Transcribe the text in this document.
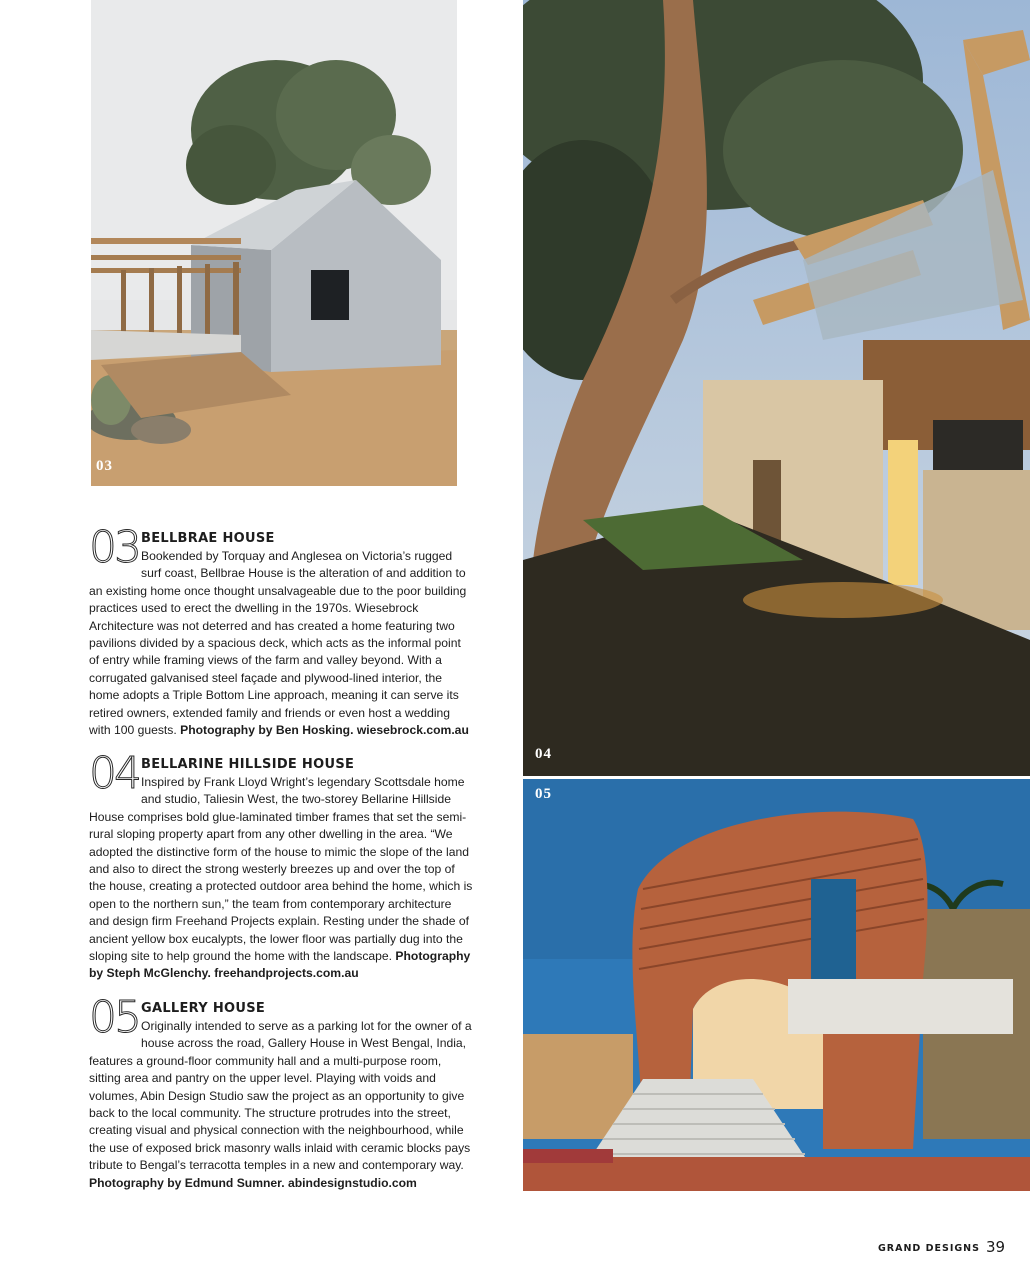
03
04
05
03 BELLBRAE HOUSE
Bookended by Torquay and Anglesea on Victoria’s rugged surf coast, Bellbrae House is the alteration of and addition to an existing home once thought unsalvageable due to the poor building practices used to erect the dwelling in the 1970s. Wiesebrock Architecture was not deterred and has created a home featuring two pavilions divided by a spacious deck, which acts as the informal point of entry while framing views of the farm and valley beyond. With a corrugated galvanised steel façade and plywood-lined interior, the home adopts a Triple Bottom Line approach, meaning it can serve its retired owners, extended family and friends or even host a wedding with 100 guests. Photography by Ben Hosking. wiesebrock.com.au
04 BELLARINE HILLSIDE HOUSE
Inspired by Frank Lloyd Wright’s legendary Scottsdale home and studio, Taliesin West, the two-storey Bellarine Hillside House comprises bold glue-laminated timber frames that set the semi-rural sloping property apart from any other dwelling in the area. “We adopted the distinctive form of the house to mimic the slope of the land and also to direct the strong westerly breezes up and over the top of the house, creating a protected outdoor area behind the home, which is open to the northern sun,” the team from contemporary architecture and design firm Freehand Projects explain. Resting under the shade of ancient yellow box eucalypts, the lower floor was partially dug into the sloping site to help ground the home with the landscape. Photography by Steph McGlenchy. freehandprojects.com.au
05 GALLERY HOUSE
Originally intended to serve as a parking lot for the owner of a house across the road, Gallery House in West Bengal, India, features a ground-floor community hall and a multi-purpose room, sitting area and pantry on the upper level. Playing with voids and volumes, Abin Design Studio saw the project as an opportunity to give back to the local community. The structure protrudes into the street, creating visual and physical connection with the neighbourhood, while the use of exposed brick masonry walls inlaid with ceramic blocks pays tribute to Bengal’s terracotta temples in a new and contemporary way. Photography by Edmund Sumner. abindesignstudio.com
GRAND DESIGNS 39
